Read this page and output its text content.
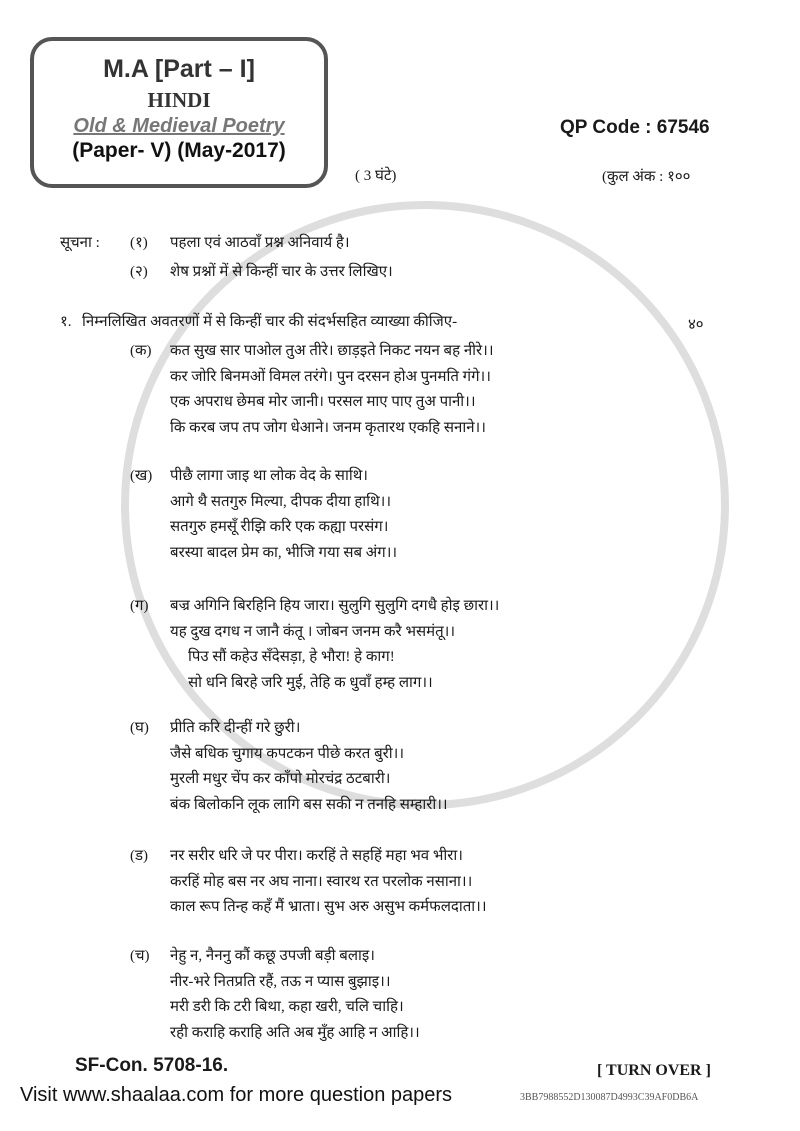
M.A [Part – I]
HINDI
Old & Medieval Poetry
(Paper- V) (May-2017)
QP Code : 67546
( 3 घंटे)	(कुल अंक : १००
सूचना : (१) पहला एवं आठवाँ प्रश्न अनिवार्य है।
(२) शेष प्रश्नों में से किन्हीं चार के उत्तर लिखिए।
१. निम्नलिखित अवतरणों में से किन्हीं चार की संदर्भसहित व्याख्या कीजिए-	४०
(क) कत सुख सार पाओल तुअ तीरे। छाड़इते निकट नयन बह नीरे।।
कर जोरि बिनमओं विमल तरंगे। पुन दरसन होअ पुनमति गंगे।।
एक अपराध छेमब मोर जानी। परसल माए पाए तुअ पानी।।
कि करब जप तप जोग धेआने। जनम कृतारथ एकहि सनाने।।
(ख) पीछै लागा जाइ था लोक वेद के साथि।
आगे थै सतगुरु मिल्या, दीपक दीया हाथि।।
सतगुरु हमसूँ रीझि करि एक कह्या परसंग।
बरस्या बादल प्रेम का, भीजि गया सब अंग।।
(ग) बज्र अगिनि बिरहिनि हिय जारा। सुलुगि सुलुगि दगधै होइ छारा।।
यह दुख दगध न जानै कंतू । जोबन जनम करै भसमंतू।।
पिउ सौं कहेउ सँदेसड़ा, हे भौरा! हे काग!
सो धनि बिरहे जरि मुई, तेहि क धुवाँ हम्ह लाग।।
(घ) प्रीति करि दीन्हीं गरे छुरी।
जैसे बधिक चुगाय कपटकन पीछे करत बुरी।।
मुरली मधुर चेंप कर काँपो मोरचंद्र ठटबारी।
बंक बिलोकनि लूक लागि बस सकी न तनहि सम्हारी।।
(ड) नर सरीर धरि जे पर पीरा। करहिं ते सहहिं महा भव भीरा।
करहिं मोह बस नर अघ नाना। स्वारथ रत परलोक नसाना।।
काल रूप तिन्ह कहँ मैं भ्राता। सुभ अरु असुभ कर्मफलदाता।।
(च) नेहु न, नैननु कौं कछू उपजी बड़ी बलाइ।
नीर-भरे नितप्रति रहैं, तऊ न प्यास बुझाइ।।
मरी डरी कि टरी बिथा, कहा खरी, चलि चाहि।
रही कराहि कराहि अति अब मुँह आहि न आहि।।
SF-Con. 5708-16.	[ TURN OVER ]
Visit www.shaalaa.com for more question papers	3BB7988552D130087D4993C39AF0DB6A
